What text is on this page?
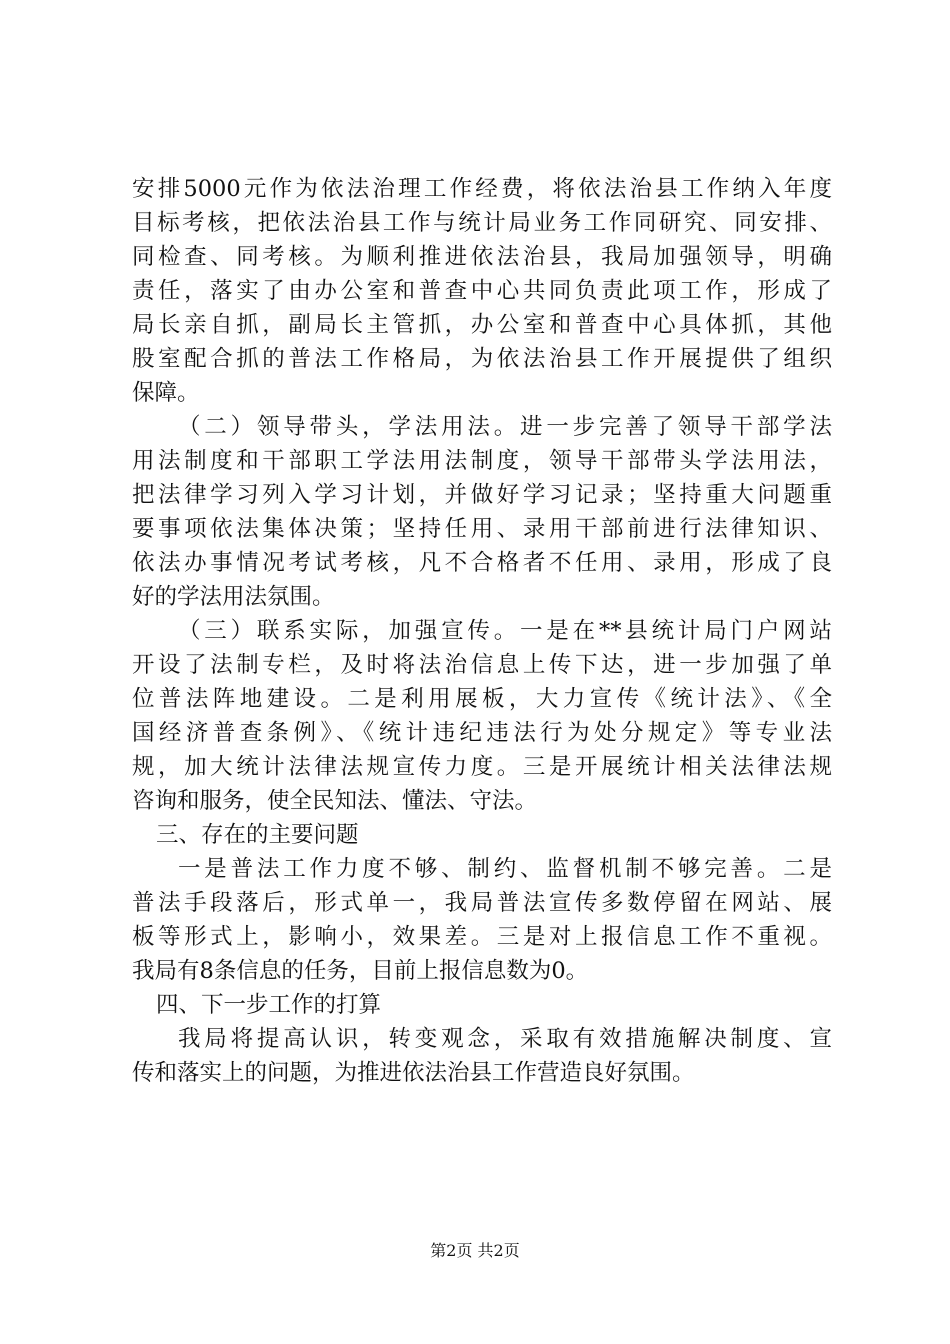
安排5000元作为依法治理工作经费，将依法治县工作纳入年度
目标考核，把依法治县工作与统计局业务工作同研究、同安排、
同检查、同考核。为顺利推进依法治县，我局加强领导，明确
责任，落实了由办公室和普查中心共同负责此项工作，形成了
局长亲自抓，副局长主管抓，办公室和普查中心具体抓，其他
股室配合抓的普法工作格局，为依法治县工作开展提供了组织
保障。
（二）领导带头，学法用法。进一步完善了领导干部学法
用法制度和干部职工学法用法制度，领导干部带头学法用法，
把法律学习列入学习计划，并做好学习记录；坚持重大问题重
要事项依法集体决策；坚持任用、录用干部前进行法律知识、
依法办事情况考试考核，凡不合格者不任用、录用，形成了良
好的学法用法氛围。
（三）联系实际，加强宣传。一是在**县统计局门户网站
开设了法制专栏，及时将法治信息上传下达，进一步加强了单
位普法阵地建设。二是利用展板，大力宣传《统计法》、《全
国经济普查条例》、《统计违纪违法行为处分规定》等专业法
规，加大统计法律法规宣传力度。三是开展统计相关法律法规
咨询和服务，使全民知法、懂法、守法。
三、存在的主要问题
一是普法工作力度不够、制约、监督机制不够完善。二是
普法手段落后，形式单一，我局普法宣传多数停留在网站、展
板等形式上，影响小，效果差。三是对上报信息工作不重视。
我局有8条信息的任务，目前上报信息数为0。
四、下一步工作的打算
我局将提高认识，转变观念，采取有效措施解决制度、宣
传和落实上的问题，为推进依法治县工作营造良好氛围。
第2页 共2页
